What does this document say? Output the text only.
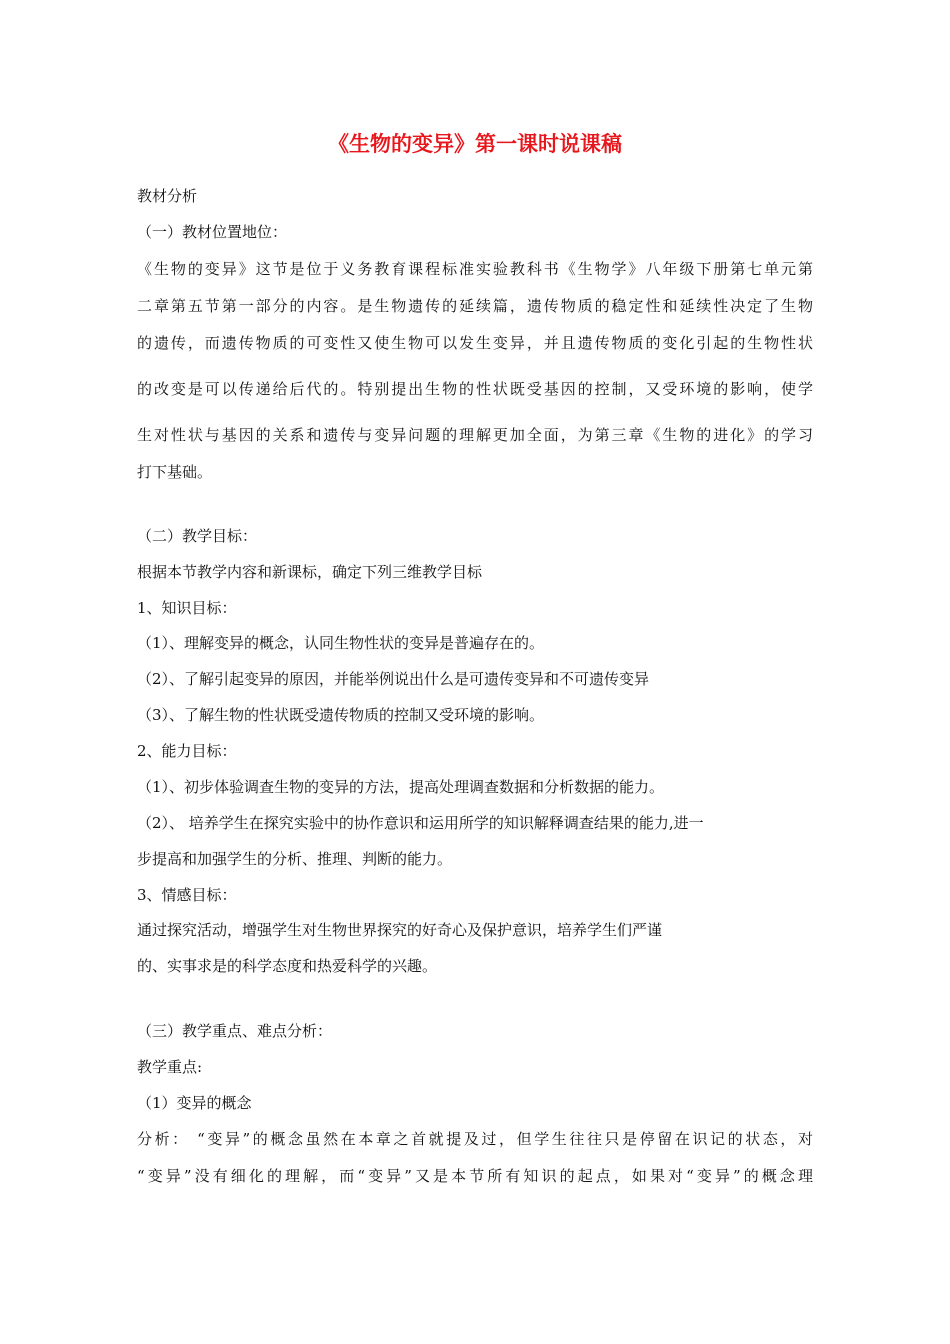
《生物的变异》第一课时说课稿
教材分析
（一）教材位置地位：
《生物的变异》这节是位于义务教育课程标准实验教科书《生物学》八年级下册第七单元第
二章第五节第一部分的内容。是生物遗传的延续篇，遗传物质的稳定性和延续性决定了生物
的遗传，而遗传物质的可变性又使生物可以发生变异，并且遗传物质的变化引起的生物性状
的改变是可以传递给后代的。特别提出生物的性状既受基因的控制，又受环境的影响，使学
生对性状与基因的关系和遗传与变异问题的理解更加全面，为第三章《生物的进化》的学习
打下基础。
（二）教学目标：
根据本节教学内容和新课标，确定下列三维教学目标
1、知识目标：
（1）、理解变异的概念，认同生物性状的变异是普遍存在的。
（2）、了解引起变异的原因，并能举例说出什么是可遗传变异和不可遗传变异
（3）、了解生物的性状既受遗传物质的控制又受环境的影响。
2、能力目标：
（1）、初步体验调查生物的变异的方法，提高处理调查数据和分析数据的能力。
（2）、 培养学生在探究实验中的协作意识和运用所学的知识解释调查结果的能力,进一
步提高和加强学生的分析、推理、判断的能力。
3、情感目标：
通过探究活动，增强学生对生物世界探究的好奇心及保护意识，培养学生们严谨
的、实事求是的科学态度和热爱科学的兴趣。
（三）教学重点、难点分析：
教学重点:
（1）变异的概念
分析： “变异”的概念虽然在本章之首就提及过，但学生往往只是停留在识记的状态，对
“变异”没有细化的理解，而“变异”又是本节所有知识的起点，如果对“变异”的概念理
